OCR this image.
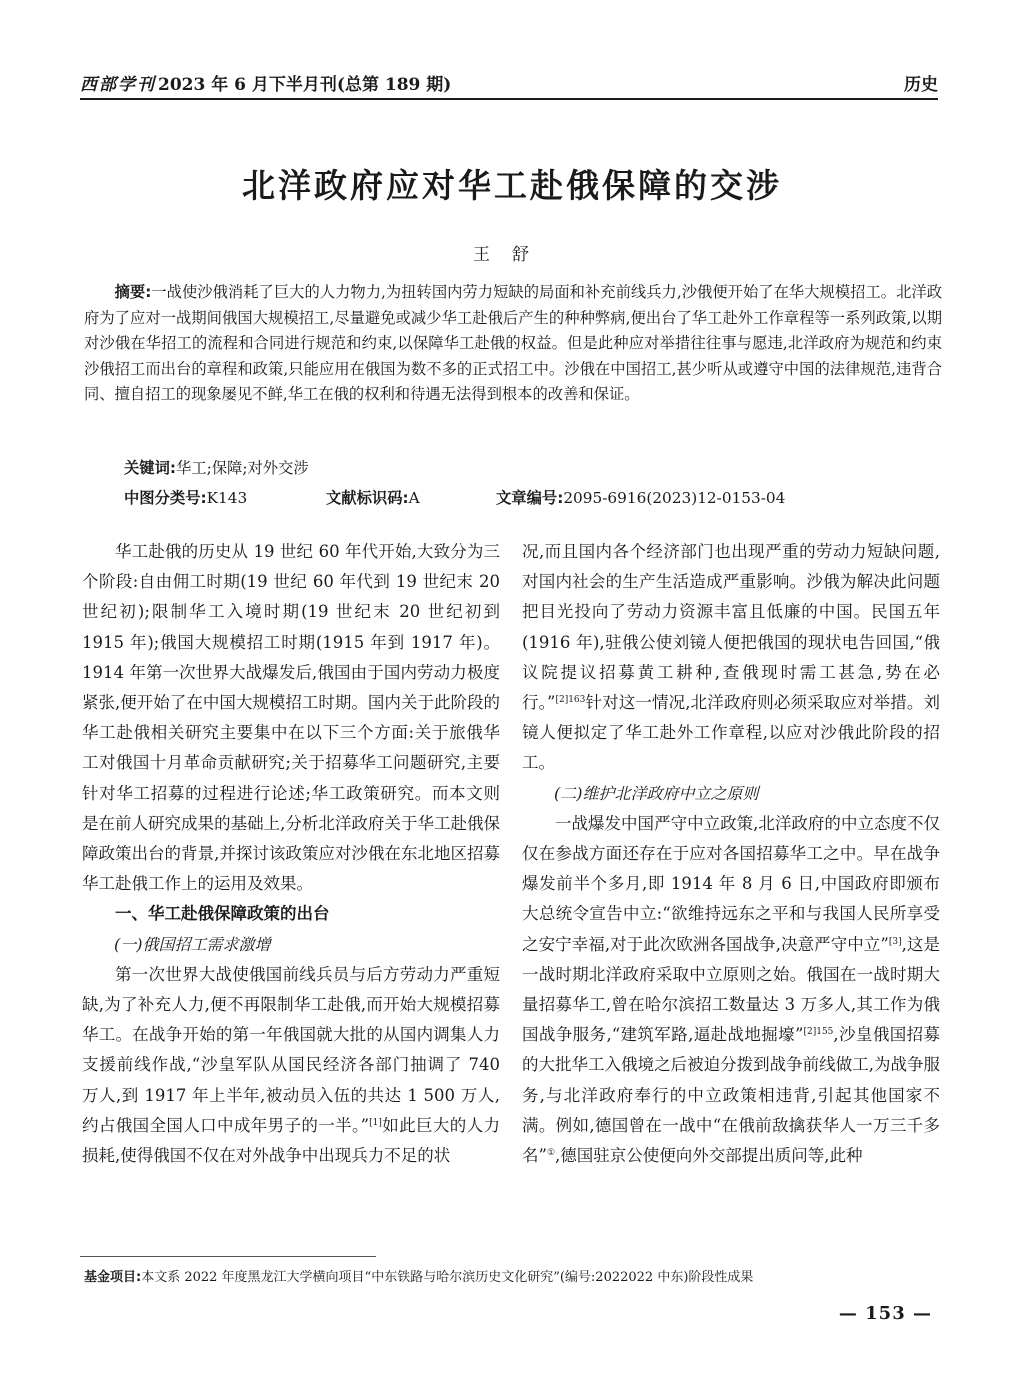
西部学刊 2023 年 6 月下半月刊(总第 189 期)	历史
北洋政府应对华工赴俄保障的交涉
王舒

摘要:一战使沙俄消耗了巨大的人力物力,为扭转国内劳力短缺的局面和补充前线兵力,沙俄便开始了在华大规模招工。北洋政府为了应对一战期间俄国大规模招工,尽量避免或减少华工赴俄后产生的种种弊病,便出台了华工赴外工作章程等一系列政策,以期对沙俄在华招工的流程和合同进行规范和约束,以保障华工赴俄的权益。但是此种应对举措往往事与愿违,北洋政府为规范和约束沙俄招工而出台的章程和政策,只能应用在俄国为数不多的正式招工中。沙俄在中国招工,甚少听从或遵守中国的法律规范,违背合同、擅自招工的现象屡见不鲜,华工在俄的权利和待遇无法得到根本的改善和保证。

关键词:华工;保障;对外交涉
中图分类号:K143	文献标识码:A	文章编号:2095-6916(2023)12-0153-04

华工赴俄的历史从 19 世纪 60 年代开始,大致分为三个阶段:自由佣工时期(19 世纪 60 年代到 19 世纪末 20 世纪初);限制华工入境时期(19 世纪末 20 世纪初到 1915 年);俄国大规模招工时期(1915 年到 1917 年)。1914 年第一次世界大战爆发后,俄国由于国内劳动力极度紧张,便开始了在中国大规模招工时期。国内关于此阶段的华工赴俄相关研究主要集中在以下三个方面:关于旅俄华工对俄国十月革命贡献研究;关于招募华工问题研究,主要针对华工招募的过程进行论述;华工政策研究。而本文则是在前人研究成果的基础上,分析北洋政府关于华工赴俄保障政策出台的背景,并探讨该政策应对沙俄在东北地区招募华工赴俄工作上的运用及效果。

一、华工赴俄保障政策的出台
(一)俄国招工需求激增

第一次世界大战使俄国前线兵员与后方劳动力严重短缺,为了补充人力,便不再限制华工赴俄,而开始大规模招募华工。在战争开始的第一年俄国就大批的从国内调集人力支援前线作战,“沙皇军队从国民经济各部门抽调了 740 万人,到 1917 年上半年,被动员入伍的共达 1 500 万人,约占俄国全国人口中成年男子的一半。”[1]如此巨大的人力损耗,使得俄国不仅在对外战争中出现兵力不足的状

况,而且国内各个经济部门也出现严重的劳动力短缺问题,对国内社会的生产生活造成严重影响。沙俄为解决此问题把目光投向了劳动力资源丰富且低廉的中国。民国五年(1916 年),驻俄公使刘镜人便把俄国的现状电告回国,“俄议院提议招募黄工耕种,查俄现时需工甚急,势在必行。”$^{[2]163}$针对这一情况,北洋政府则必须采取应对举措。刘镜人便拟定了华工赴外工作章程,以应对沙俄此阶段的招工。

(二)维护北洋政府中立之原则

一战爆发中国严守中立政策,北洋政府的中立态度不仅仅在参战方面还存在于应对各国招募华工之中。早在战争爆发前半个多月,即 1914 年 8 月 6 日,中国政府即颁布大总统令宣告中立:“欲维持远东之平和与我国人民所享受之安宁幸福,对于此次欧洲各国战争,决意严守中立”[3],这是一战时期北洋政府采取中立原则之始。俄国在一战时期大量招募华工,曾在哈尔滨招工数量达 3 万多人,其工作为俄国战争服务,“建筑军路,逼赴战地掘壕”$^{[2]155}$,沙皇俄国招募的大批华工入俄境之后被迫分拨到战争前线做工,为战争服务,与北洋政府奉行的中立政策相违背,引起其他国家不满。例如,德国曾在一战中“在俄前敌擒获华人一万三千多名”①,德国驻京公使便向外交部提出质问等,此种

基金项目:本文系 2022 年度黑龙江大学横向项目“中东铁路与哈尔滨历史文化研究”(编号:2022022 中东)阶段性成果
— 153 —
